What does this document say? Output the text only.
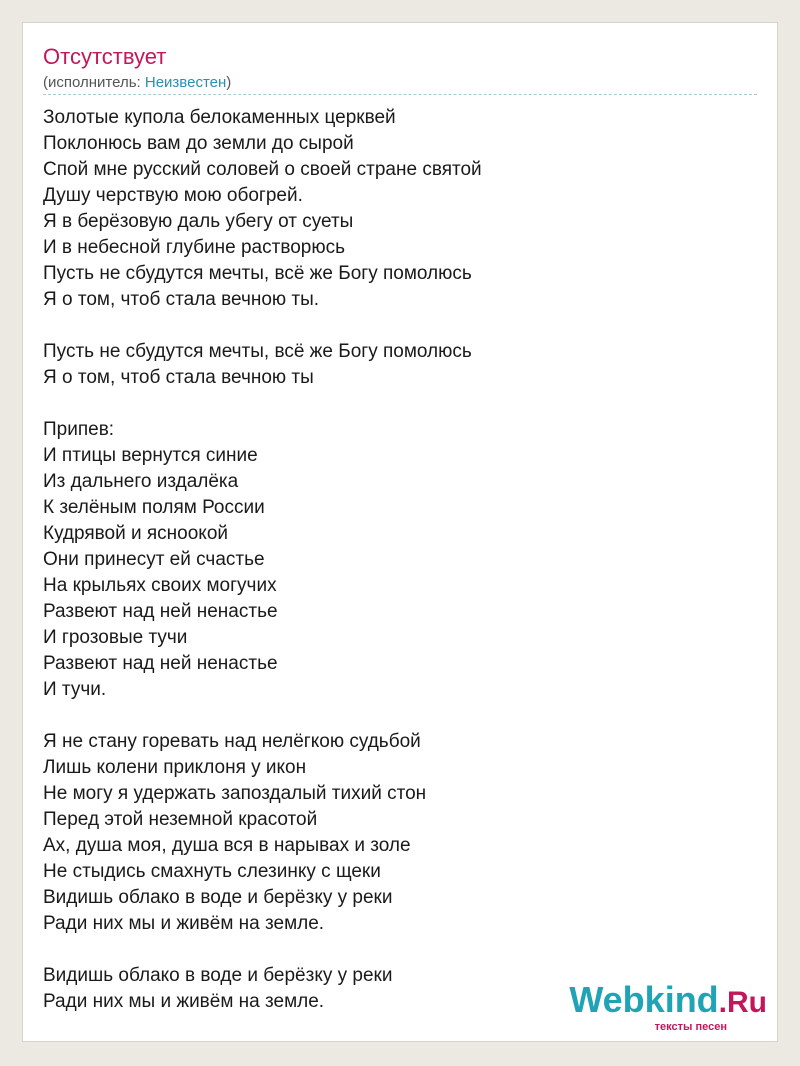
Отсутствует
(исполнитель: Неизвестен)
Золотые купола белокаменных церквей
Поклонюсь вам до земли до сырой
Спой мне русский соловей о своей стране святой
Душу черствую мою обогрей.
Я в берёзовую даль убегу от суеты
И в небесной глубине растворюсь
Пусть не сбудутся мечты, всё же Богу помолюсь
Я о том, чтоб стала вечною ты.
Пусть не сбудутся мечты, всё же Богу помолюсь
Я о том, чтоб стала вечною ты
Припев:
И птицы вернутся синие
Из дальнего издалёка
К зелёным полям России
Кудрявой и ясноокой
Они принесут ей счастье
На крыльях своих могучих
Развеют над ней ненастье
И грозовые тучи
Развеют над ней ненастье
И тучи.
Я не стану горевать над нелёгкою судьбой
Лишь колени приклоня у икон
Не могу я удержать запоздалый тихий стон
Перед этой неземной красотой
Ах, душа моя, душа вся в нарывах и золе
Не стыдись смахнуть слезинку с щеки
Видишь облако в воде и берёзку у реки
Ради них мы и живём на земле.
Видишь облако в воде и берёзку у реки
Ради них мы и живём на земле.	Webkind.Ru
тексты песен
